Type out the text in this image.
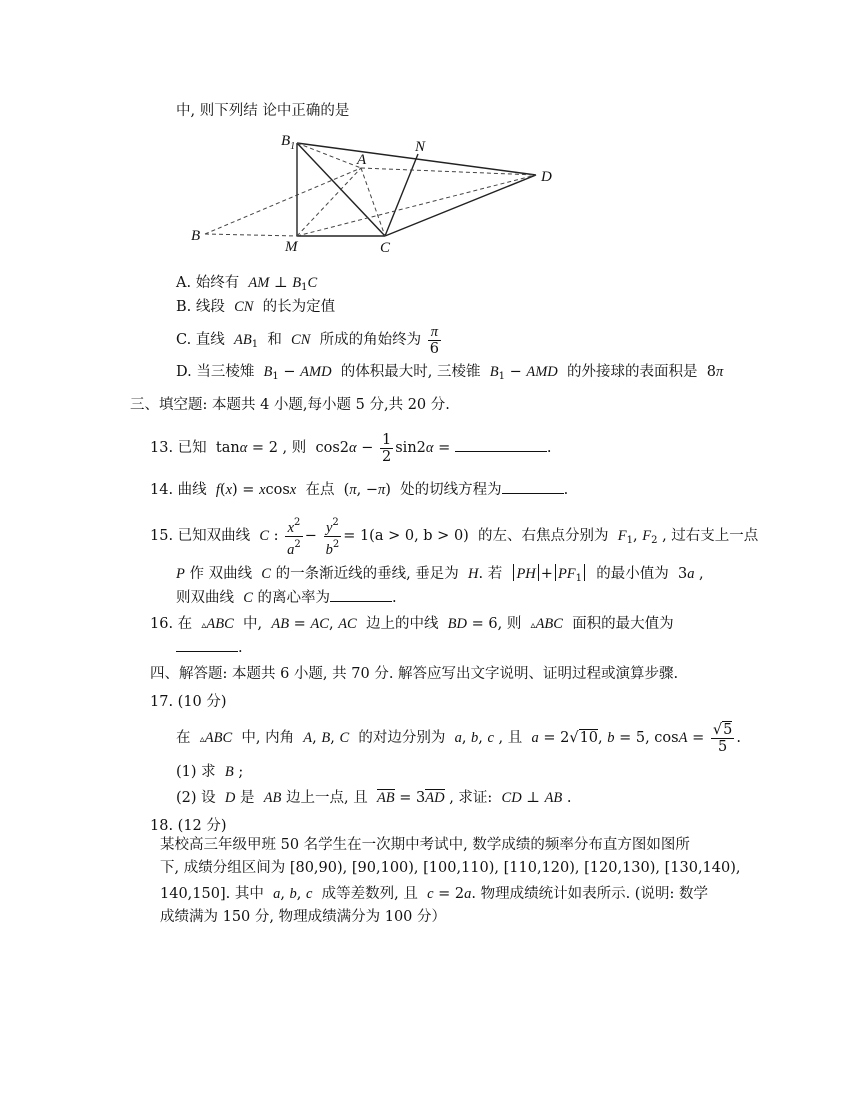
中, 则下列结 论中正确的是
$B_1$
A
N
D
B
M	C
A. 始终有 AM ⊥ $B_1C$
B. 线段 CN 的长为定值
C. 直线 $AB_1$ 和 CN 所成的角始终为 $\frac{\pi}{6}$
D. 当三棱雉 $B_1$ − AMD 的体积最大时, 三棱锥 $B_1$ − AMD 的外接球的表面积是  8π
三、填空题: 本题共 4 小题,每小题 5 分,共 20 分.
13. 已知  tanα = 2 , 则  $\cos 2\alpha - \frac{1}{2} \sin 2\alpha$ =	.
14. 曲线 f(x) = xcosx 在点  (π, −π)  处的切线方程为	.
15. 已知双曲线 C : $\frac{x^2}{a^2} - \frac{y^2}{b^2} = 1(a > 0$, b > 0) 的左、右焦点分别为 $F_1$, $F_2$ , 过右支上一点
P 作 双曲线 C 的一条渐近线的垂线, 垂足为 H. 若 PH + $PF_1$ 的最小值为  3a ,
则双曲线 C 的离心率为	.
16. 在 ▵ABC 中, AB = AC, AC 边上的中线 BD = 6, 则 ▵ABC 面积的最大值为
.
四、解答题: 本题共 6 小题, 共 70 分. 解答应写出文字说明、证明过程或演算步骤.
17. (10 分)
在 ▵ABC 中, 内角 A, B, C 的对边分别为 a, b, c , 且 a = 2√10, b = 5, $\cos A = \frac{√5}{5}$ .
(1) 求 B ;
(2) 设 D 是 AB 边上一点, 且 AB = 3AD , 求证: CD ⊥ AB .
18. (12 分)
某校高三年级甲班 50 名学生在一次期中考试中, 数学成绩的频率分布直方图如图所
下, 成绩分组区间为 [80,90), [90,100), [100,110), [110,120), [120,130), [130,140),
140,150]. 其中 a, b, c 成等差数列, 且 c = 2a. 物理成绩统计如表所示. (说明: 数学
成绩满为 150 分, 物理成绩满分为 100 分）
